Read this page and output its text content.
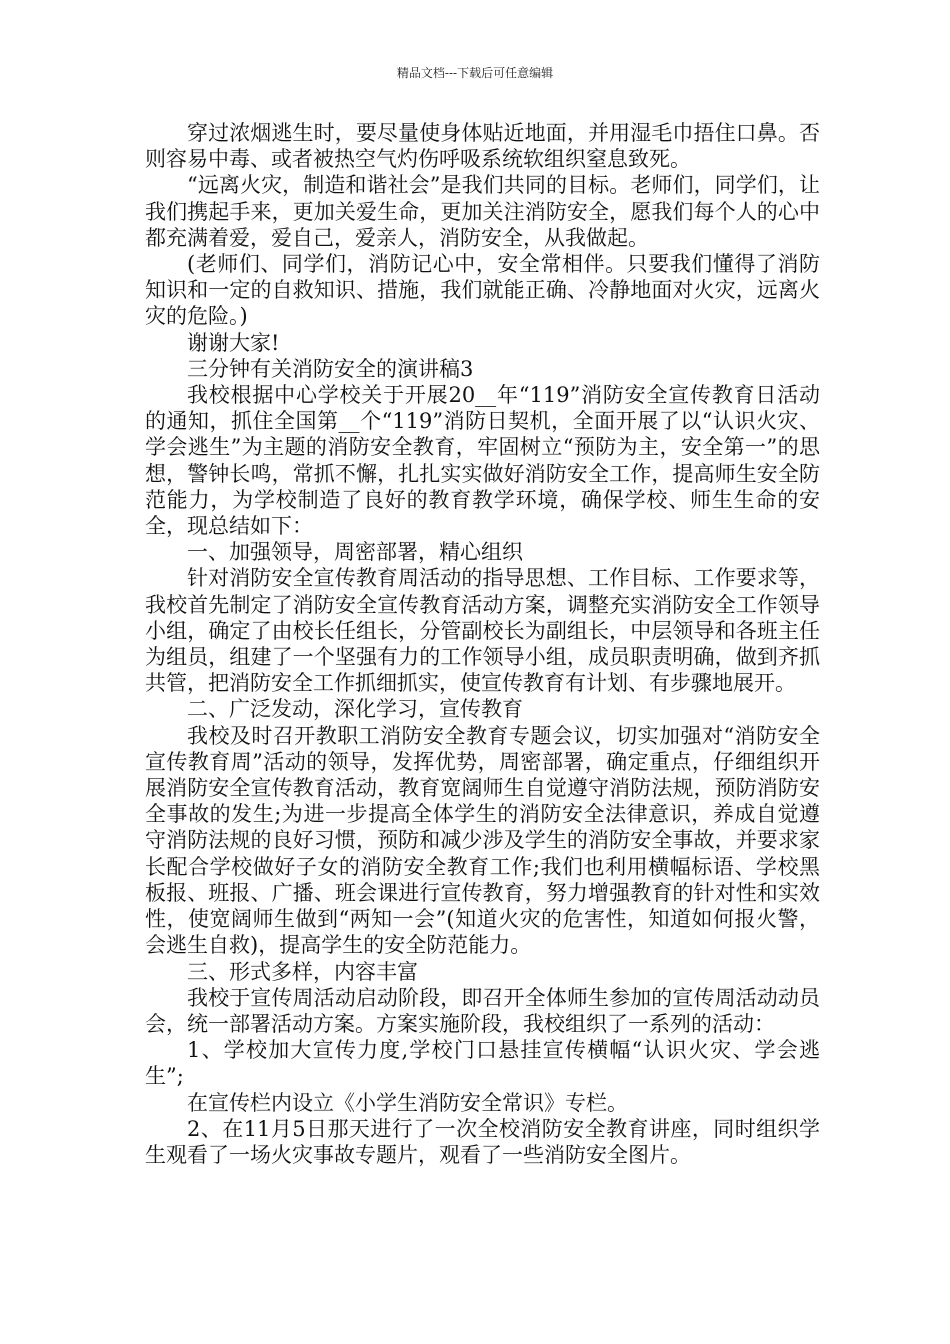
精品文档---下载后可任意编辑

穿过浓烟逃生时，要尽量使身体贴近地面，并用湿毛巾捂住口鼻。否则容易中毒、或者被热空气灼伤呼吸系统软组织窒息致死。

“远离火灾，制造和谐社会”是我们共同的目标。老师们，同学们，让我们携起手来，更加关爱生命，更加关注消防安全，愿我们每个人的心中都充满着爱，爱自己，爱亲人，消防安全，从我做起。

(老师们、同学们，消防记心中，安全常相伴。只要我们懂得了消防知识和一定的自救知识、措施，我们就能正确、冷静地面对火灾，远离火灾的危险。)

谢谢大家!

三分钟有关消防安全的演讲稿3

我校根据中心学校关于开展20__年“119”消防安全宣传教育日活动的通知，抓住全国第__个“119”消防日契机，全面开展了以“认识火灾、学会逃生”为主题的消防安全教育，牢固树立“预防为主，安全第一”的思想，警钟长鸣，常抓不懈，扎扎实实做好消防安全工作，提高师生安全防范能力，为学校制造了良好的教育教学环境，确保学校、师生生命的安全，现总结如下：

一、加强领导，周密部署，精心组织

针对消防安全宣传教育周活动的指导思想、工作目标、工作要求等，我校首先制定了消防安全宣传教育活动方案，调整充实消防安全工作领导小组，确定了由校长任组长，分管副校长为副组长，中层领导和各班主任为组员，组建了一个坚强有力的工作领导小组，成员职责明确，做到齐抓共管，把消防安全工作抓细抓实，使宣传教育有计划、有步骤地展开。

二、广泛发动，深化学习，宣传教育

我校及时召开教职工消防安全教育专题会议，切实加强对“消防安全宣传教育周”活动的领导，发挥优势，周密部署，确定重点，仔细组织开展消防安全宣传教育活动，教育宽阔师生自觉遵守消防法规，预防消防安全事故的发生;为进一步提高全体学生的消防安全法律意识，养成自觉遵守消防法规的良好习惯，预防和减少涉及学生的消防安全事故，并要求家长配合学校做好子女的消防安全教育工作;我们也利用横幅标语、学校黑板报、班报、广播、班会课进行宣传教育，努力增强教育的针对性和实效性，使宽阔师生做到“两知一会”(知道火灾的危害性，知道如何报火警，会逃生自救)，提高学生的安全防范能力。

三、形式多样，内容丰富

我校于宣传周活动启动阶段，即召开全体师生参加的宣传周活动动员会，统一部署活动方案。方案实施阶段，我校组织了一系列的活动：

1、学校加大宣传力度,学校门口悬挂宣传横幅“认识火灾、学会逃生”;

在宣传栏内设立《小学生消防安全常识》专栏。

2、在11月5日那天进行了一次全校消防安全教育讲座，同时组织学生观看了一场火灾事故专题片，观看了一些消防安全图片。
